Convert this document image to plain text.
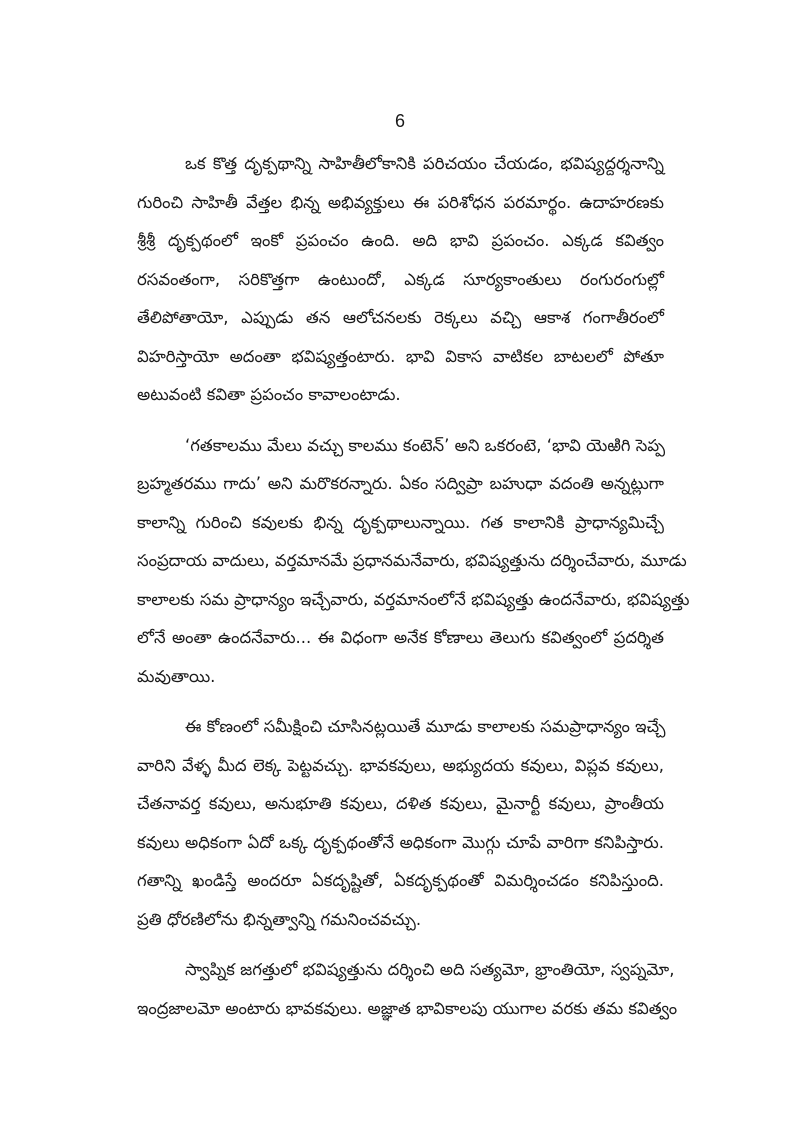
6
ఒక కొత్త దృక్పథాన్ని సాహితీలోకానికి పరిచయం చేయడం, భవిష్యద్దర్శనాన్ని
గురించి సాహితీ వేత్తల భిన్న అభివ్యక్తులు ఈ పరిశోధన పరమార్థం. ఉదాహరణకు
శ్రీశ్రీ దృక్పథంలో ఇంకో ప్రపంచం ఉంది. అది భావి ప్రపంచం. ఎక్కడ కవిత్వం
రసవంతంగా, సరికొత్తగా ఉంటుందో, ఎక్కడ సూర్యకాంతులు రంగురంగుల్లో
తేలిపోతాయో, ఎప్పుడు తన ఆలోచనలకు రెక్కలు వచ్చి ఆకాశ గంగాతీరంలో
విహరిస్తాయో అదంతా భవిష్యత్తంటారు. భావి వికాస వాటికల బాటలలో పోతూ
అటువంటి కవితా ప్రపంచం కావాలంటాడు.
‘గతకాలము మేలు వచ్చు కాలము కంటెన్’ అని ఒకరంటె, ‘భావి యెఱిగి సెప్ప
బ్రహ్మతరము గాదు’ అని మరొకరన్నారు. ఏకం సద్విప్రా బహుధా వదంతి అన్నట్లుగా
కాలాన్ని గురించి కవులకు భిన్న దృక్పథాలున్నాయి. గత కాలానికి ప్రాధాన్యమిచ్చే
సంప్రదాయ వాదులు, వర్తమానమే ప్రధానమనేవారు, భవిష్యత్తును దర్శించేవారు, మూడు
కాలాలకు సమ ప్రాధాన్యం ఇచ్చేవారు, వర్తమానంలోనే భవిష్యత్తు ఉందనేవారు, భవిష్యత్తు
లోనే అంతా ఉందనేవారు... ఈ విధంగా అనేక కోణాలు తెలుగు కవిత్వంలో ప్రదర్శిత
మవుతాయి.
ఈ కోణంలో సమీక్షించి చూసినట్లయితే మూడు కాలాలకు సమప్రాధాన్యం ఇచ్చే
వారిని వేళ్ళ మీద లెక్క పెట్టవచ్చు. భావకవులు, అభ్యుదయ కవులు, విప్లవ కవులు,
చేతనావర్త కవులు, అనుభూతి కవులు, దళిత కవులు, మైనార్టీ కవులు, ప్రాంతీయ
కవులు అధికంగా ఏదో ఒక్క దృక్పథంతోనే అధికంగా మొగ్గు చూపే వారిగా కనిపిస్తారు.
గతాన్ని ఖండిస్తే అందరూ ఏకదృష్టితో, ఏకదృక్పథంతో విమర్శించడం కనిపిస్తుంది.
ప్రతి ధోరణిలోను భిన్నత్వాన్ని గమనించవచ్చు.
స్వాప్నిక జగత్తులో భవిష్యత్తును దర్శించి అది సత్యమో, భ్రాంతియో, స్వప్నమో,
ఇంద్రజాలమో అంటారు భావకవులు. అజ్ఞాత భావికాలపు యుగాల వరకు తమ కవిత్వం
